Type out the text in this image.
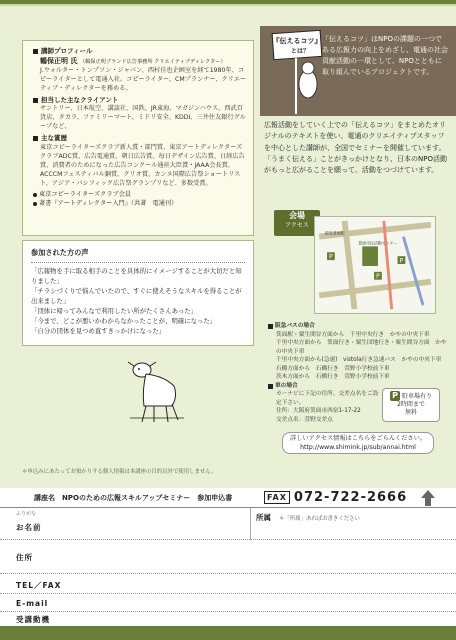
講師プロフィール
鶴保正明 氏 （鶴保正明ブランド広告事務所 クリエイティブディレクター）
J.ウォルター・トンプソン・ジャパン、西村佳也企画室を経て1980年、コピーライターとして電通入社。コピーライター、CMプランナー、クリエーティブ・ディレクターを務める。
担当した主なクライアント
サントリー、日本航空、講談社、国鉄、JR東海、マガジンハウス、西武百貨店、タカラ、ファミリーマート、ミドリ安全、KDDI、三井住友銀行グループなど。
主な賞歴
東京コピーライターズクラブ新人賞・部門賞、東京アートディレクターズクラブADC賞、広告電通賞、朝日広告賞、毎日デザイン広告賞、日経広告賞、消費者のためになった広告コンクール通産大臣賞・JAAA会長賞、ACCCMフェスティバル銅賞、クリオ賞、カンヌ国際広告祭ショートリスト、アジア・パシフィック広告祭グランプリなど、多数受賞。
東京コピーライターズクラブ会員
著書『アートディレクター入門』（共著　電通刊）
参加された方の声
「広報物を手に取る相手のことを具体的にイメージすることが大切だと知りました」
「チラシづくりで悩んでいたので、すぐに使えそうなスキルを得ることが出来ました」
「団体に帰ってみんなで利用したい所がたくさんあった」
「今まで、どこが悪いかわからなかったことが、明確になった」
「自分の団体を見つめ直すきっかけになった」
＊申込みにあたってお預かりする個人情報は本講座の目的以外で使用しません。
「伝えるコツ」はNPOの課題の一つである広報力の向上をめざし、電通の社会貢献活動の一環として、NPOとともに取り組んでいるプロジェクトです。
『伝えるコツ』
とは？
広報活動をしていく上での「伝えるコツ」をまとめたオリジナルのテキストを使い、電通のクリエイティブスタッフを中心とした講師が、全国でセミナーを開催しています。「うまく伝える」ことがきっかけとなり、日本のNPO活動がもっと広がることを願って、活動をつづけています。
会場
アクセス
P
P
P
阪急箕面駅
箕面市民活動センター
阪急バスの場合
箕面駅・粟生間谷方面から　千里中央行き　かやの中央下車
千里中央方面から　箕面行き・粟生団地行き・粟生間谷方面　かやの中央下車
千里中央方面から(急速)　vistola行き急速バス　かやの中央下車
石橋方面から　石橋行き　萱野小学校前下車
茨木方面から　石橋行き　萱野小学校前下車
車の場合
カーナビに下記の住所、交差点名をご設定下さい。
住所：大阪府箕面市西宿1-17-22
交差点名：萱野交差点
P 駐車場有り
2時間まで
無料
詳しいアクセス情報はこちらをごらんください。
http://www.shimink.jp/sub/annai.html
講座名　NPOのための広報スキルアップセミナー　参加申込書	FAX 072-722-2666
ふりがな
お名前
所属 ＊「所属」あればお書きください
住所
TEL／FAX
E-mail
受講動機
